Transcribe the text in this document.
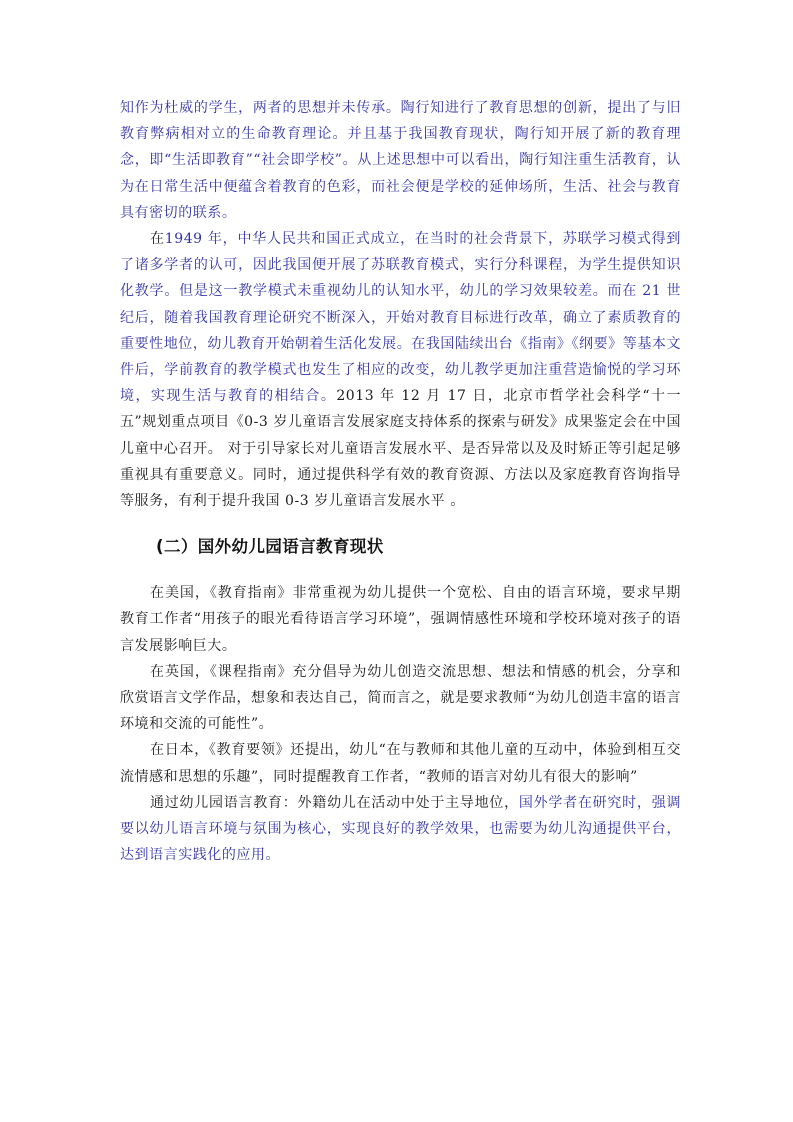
知作为杜威的学生，两者的思想并未传承。陶行知进行了教育思想的创新，提出了与旧教育弊病相对立的生命教育理论。并且基于我国教育现状，陶行知开展了新的教育理念，即“生活即教育”“社会即学校”。从上述思想中可以看出，陶行知注重生活教育，认为在日常生活中便蕴含着教育的色彩，而社会便是学校的延伸场所，生活、社会与教育具有密切的联系。

在1949 年，中华人民共和国正式成立，在当时的社会背景下，苏联学习模式得到了诸多学者的认可，因此我国便开展了苏联教育模式，实行分科课程，为学生提供知识化教学。但是这一教学模式未重视幼儿的认知水平，幼儿的学习效果较差。而在 21 世纪后，随着我国教育理论研究不断深入，开始对教育目标进行改革，确立了素质教育的重要性地位，幼儿教育开始朝着生活化发展。在我国陆续出台《指南》《纲要》等基本文件后，学前教育的教学模式也发生了相应的改变，幼儿教学更加注重营造愉悦的学习环境，实现生活与教育的相结合。2013 年 12 月 17 日，北京市哲学社会科学“十一五”规划重点项目《0-3 岁儿童语言发展家庭支持体系的探索与研发》成果鉴定会在中国儿童中心召开。 对于引导家长对儿童语言发展水平、是否异常以及及时矫正等引起足够重视具有重要意义。同时，通过提供科学有效的教育资源、方法以及家庭教育咨询指导等服务，有利于提升我国 0-3 岁儿童语言发展水平 。

(二）国外幼儿园语言教育现状

在美国，《教育指南》非常重视为幼儿提供一个宽松、自由的语言环境，要求早期教育工作者“用孩子的眼光看待语言学习环境”，强调情感性环境和学校环境对孩子的语言发展影响巨大。

在英国，《课程指南》充分倡导为幼儿创造交流思想、想法和情感的机会，分享和欣赏语言文学作品，想象和表达自己，简而言之，就是要求教师“为幼儿创造丰富的语言环境和交流的可能性”。

在日本，《教育要领》还提出，幼儿“在与教师和其他儿童的互动中，体验到相互交流情感和思想的乐趣”，同时提醒教育工作者，“教师的语言对幼儿有很大的影响”

通过幼儿园语言教育：外籍幼儿在活动中处于主导地位，国外学者在研究时，强调要以幼儿语言环境与氛围为核心，实现良好的教学效果，也需要为幼儿沟通提供平台，达到语言实践化的应用。
